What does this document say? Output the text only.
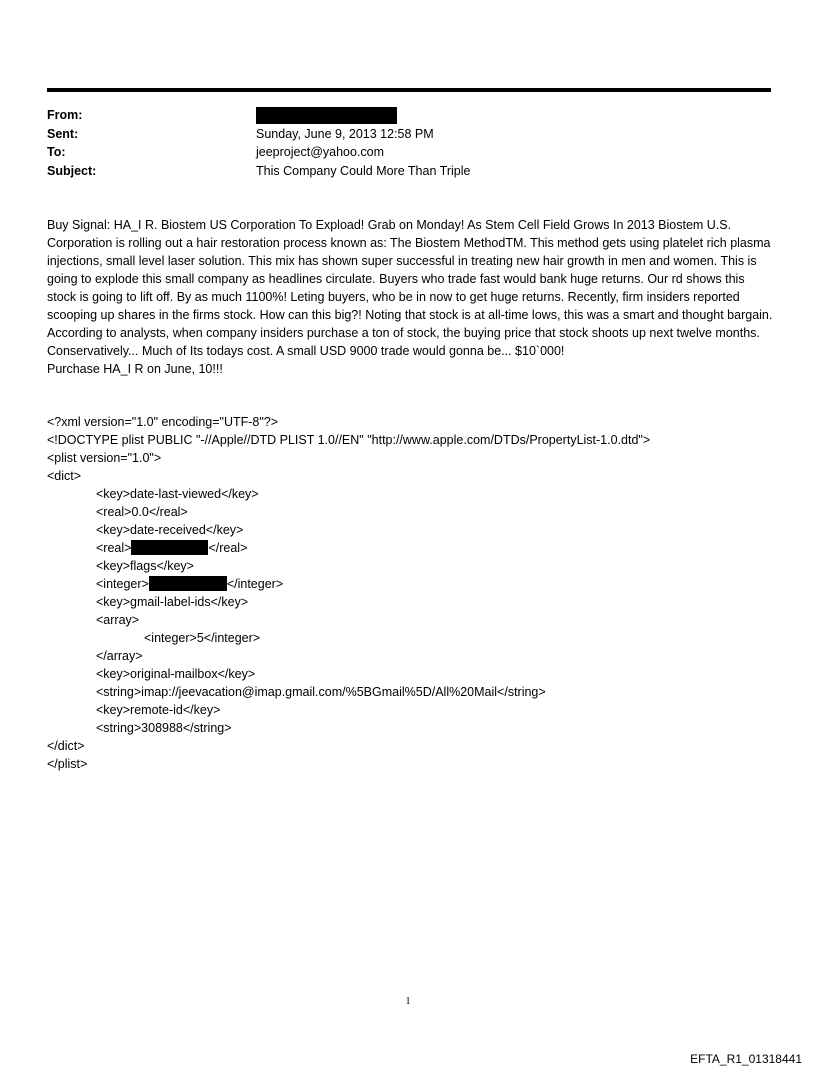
From:
Sent:	Sunday, June 9, 2013 12:58 PM
To:	jeeproject@yahoo.com
Subject:	This Company Could More Than Triple
Buy Signal: HA_I R. Biostem US Corporation To Expload! Grab on Monday! As Stem Cell Field Grows In 2013 Biostem U.S. Corporation is rolling out a hair restoration process known as: The Biostem MethodTM. This method gets using platelet rich plasma injections, small level laser solution. This mix has shown super successful in treating new hair growth in men and women. This is going to explode this small company as headlines circulate. Buyers who trade fast would bank huge returns. Our rd shows this stock is going to lift off. By as much 1100%! Leting buyers, who be in now to get huge returns. Recently, firm insiders reported scooping up shares in the firms stock. How can this big?! Noting that stock is at all-time lows, this was a smart and thought bargain. According to analysts, when company insiders purchase a ton of stock, the buying price that stock shoots up next twelve months. Conservatively... Much of Its todays cost. A small USD 9000 trade would gonna be... $10`000!
Purchase HA_I R on June, 10!!!
<?xml version="1.0" encoding="UTF-8"?>
<!DOCTYPE plist PUBLIC "-//Apple//DTD PLIST 1.0//EN" "http://www.apple.com/DTDs/PropertyList-1.0.dtd">
<plist version="1.0">
<dict>
<key>date-last-viewed</key>
<real>0.0</real>
<key>date-received</key>
<real>	</real>
<key>flags</key>
<integer>	</integer>
<key>gmail-label-ids</key>
<array>
<integer>5</integer>
</array>
<key>original-mailbox</key>
<string>imap://jeevacation@imap.gmail.com/%5BGmail%5D/All%20Mail</string>
<key>remote-id</key>
<string>308988</string>
</dict>
</plist>
1
EFTA_R1_01318441
